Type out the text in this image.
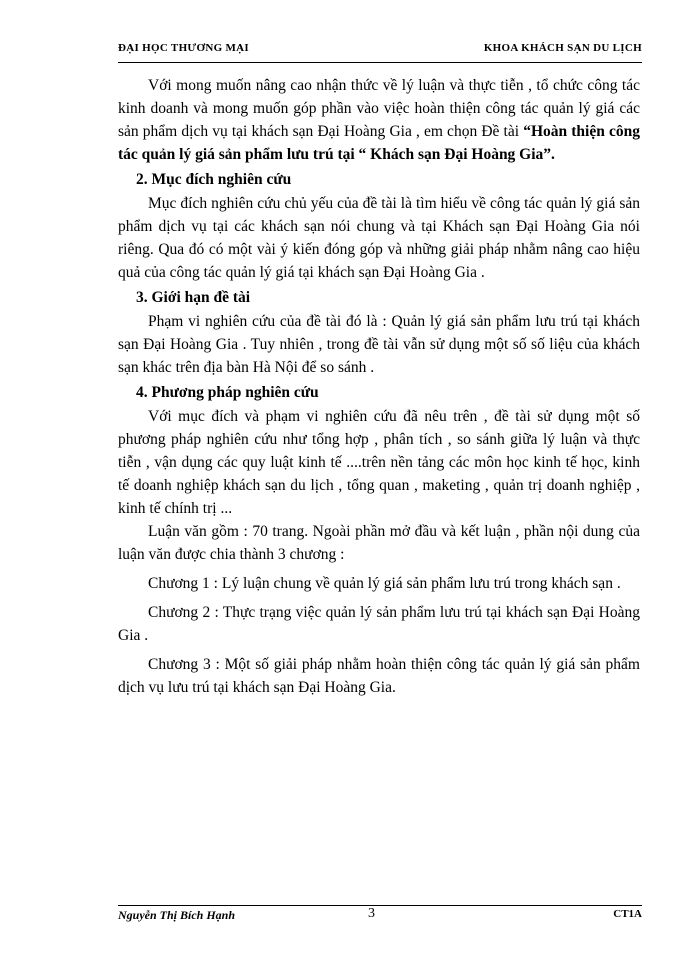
ĐẠI HỌC THƯƠNG MẠI	KHOA KHÁCH SẠN DU LỊCH

Với mong muốn nâng cao nhận thức về lý luận và thực tiễn , tổ chức công tác kinh doanh và mong muốn góp phần vào việc hoàn thiện công tác quản lý giá các sản phẩm dịch vụ tại khách sạn Đại Hoàng Gia , em chọn Đề tài “Hoàn thiện công tác quản lý giá sản phẩm lưu trú tại “ Khách sạn Đại Hoàng Gia”.

2. Mục đích nghiên cứu

Mục đích nghiên cứu chủ yếu của đề tài là tìm hiểu về công tác quản lý giá sản phẩm dịch vụ tại các khách sạn nói chung và tại Khách sạn Đại Hoàng Gia nói riêng. Qua đó có một vài ý kiến đóng góp và những giải pháp nhằm nâng cao hiệu quả của công tác quản lý giá tại khách sạn Đại Hoàng Gia .

3. Giới hạn đề tài

Phạm vi nghiên cứu của đề tài đó là : Quản lý giá sản phẩm lưu trú tại khách sạn Đại Hoàng Gia . Tuy nhiên , trong đề tài vẫn sử dụng một số số liệu của khách sạn khác trên địa bàn Hà Nội để so sánh .

4. Phương pháp nghiên cứu

Với mục đích và phạm vi nghiên cứu đã nêu trên , đề tài sử dụng một số phương pháp nghiên cứu như tổng hợp , phân tích , so sánh giữa lý luận và thực tiễn , vận dụng các quy luật kinh tế ....trên nền tảng các môn học kinh tế học, kinh tế doanh nghiệp khách sạn du lịch , tổng quan , maketing , quản trị doanh nghiệp , kinh tế chính trị ...

Luận văn gồm : 70 trang. Ngoài phần mở đầu và kết luận , phần nội dung của luận văn được chia thành 3 chương :

Chương 1 : Lý luận chung về quản lý giá sản phẩm lưu trú trong khách sạn .

Chương 2 : Thực trạng việc quản lý sản phẩm lưu trú tại khách sạn Đại Hoàng Gia .

Chương 3 : Một số giải pháp nhằm hoàn thiện công tác quản lý giá sản phẩm dịch vụ lưu trú tại khách sạn Đại Hoàng Gia.

Nguyễn Thị Bích Hạnh	3	CT1A
